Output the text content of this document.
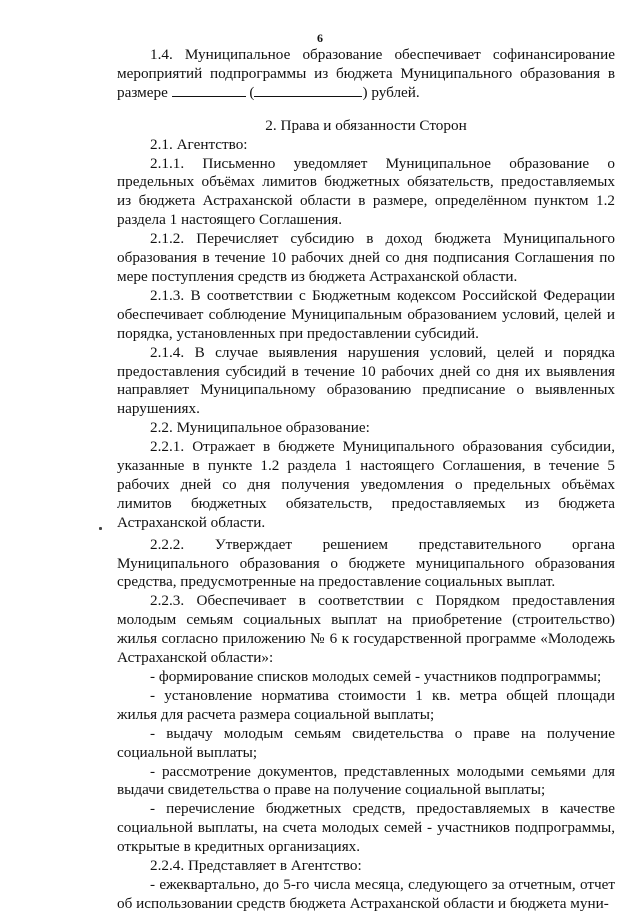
6

1.4. Муниципальное образование обеспечивает софинансирование мероприятий подпрограммы из бюджета Муниципального образования в размере	(	) рублей.

2. Права и обязанности Сторон

2.1. Агентство:

2.1.1. Письменно уведомляет Муниципальное образование о предельных объёмах лимитов бюджетных обязательств, предоставляемых из бюджета Астраханской области в размере, определённом пунктом 1.2 раздела 1 настоящего Соглашения.

2.1.2. Перечисляет субсидию в доход бюджета Муниципального образования в течение 10 рабочих дней со дня подписания Соглашения по мере поступления средств из бюджета Астраханской области.

2.1.3. В соответствии с Бюджетным кодексом Российской Федерации обеспечивает соблюдение Муниципальным образованием условий, целей и порядка, установленных при предоставлении субсидий.

2.1.4. В случае выявления нарушения условий, целей и порядка предоставления субсидий в течение 10 рабочих дней со дня их выявления направляет Муниципальному образованию предписание о выявленных нарушениях.

2.2. Муниципальное образование:

2.2.1. Отражает в бюджете Муниципального образования субсидии, указанные в пункте 1.2 раздела 1 настоящего Соглашения, в течение 5 рабочих дней со дня получения уведомления о предельных объёмах лимитов бюджетных обязательств, предоставляемых из бюджета Астраханской области.

2.2.2. Утверждает решением представительного органа Муниципального образования о бюджете муниципального образования средства, предусмотренные на предоставление социальных выплат.

2.2.3. Обеспечивает в соответствии с Порядком предоставления молодым семьям социальных выплат на приобретение (строительство) жилья согласно приложению № 6 к государственной программе «Молодежь Астраханской области»:

- формирование списков молодых семей - участников подпрограммы;

- установление норматива стоимости 1 кв. метра общей площади жилья для расчета размера социальной выплаты;

- выдачу молодым семьям свидетельства о праве на получение социальной выплаты;

- рассмотрение документов, представленных молодыми семьями для выдачи свидетельства о праве на получение социальной выплаты;

- перечисление бюджетных средств, предоставляемых в качестве социальной выплаты, на счета молодых семей - участников подпрограммы, открытые в кредитных организациях.

2.2.4. Представляет в Агентство:

- ежеквартально, до 5-го числа месяца, следующего за отчетным, отчет об использовании средств бюджета Астраханской области и бюджета муни-
